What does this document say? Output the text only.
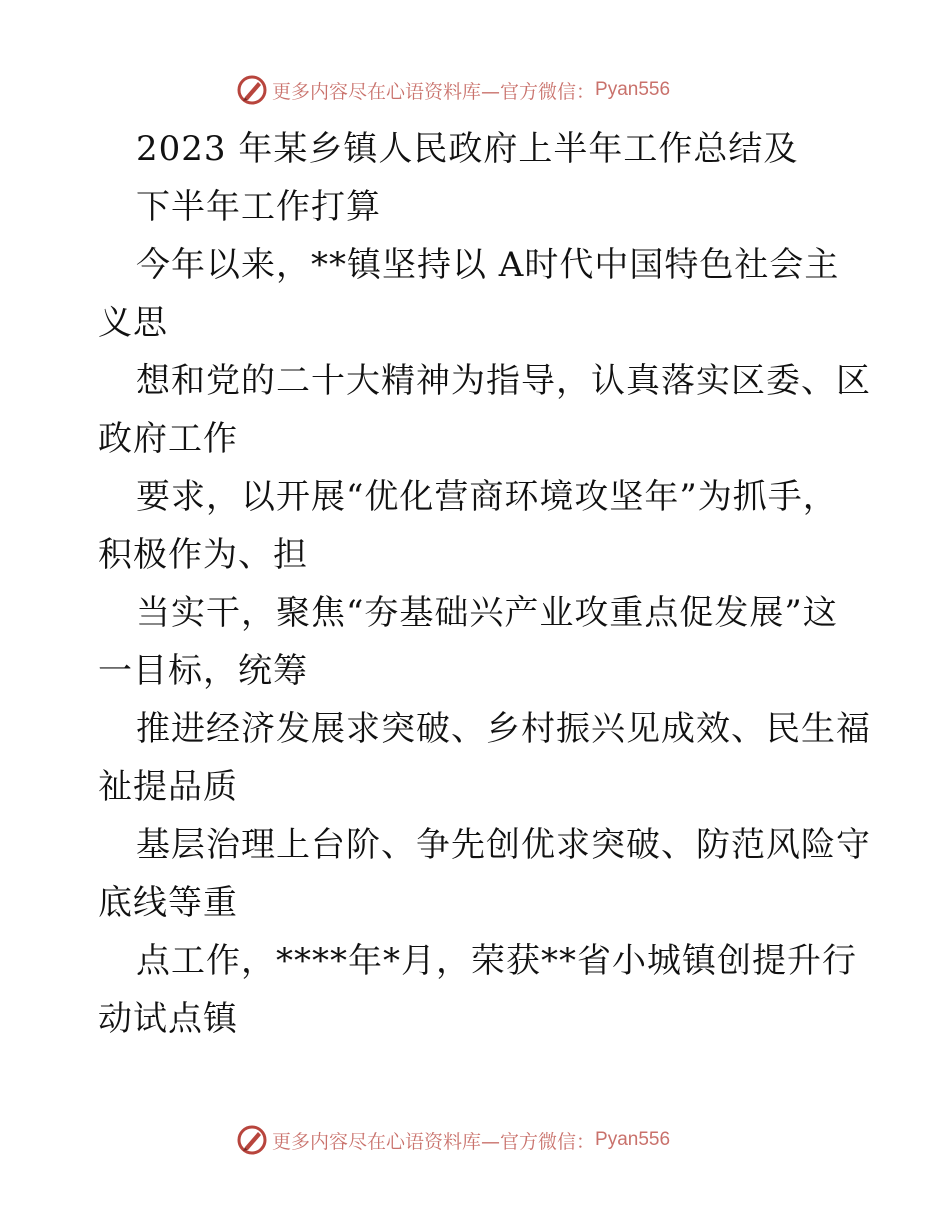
更多内容尽在心语资料库—官方微信： Pyan556
2023 年某乡镇人民政府上半年工作总结及
下半年工作打算
今年以来，**镇坚持以 A时代中国特色社会主
义思
想和党的二十大精神为指导，认真落实区委、区
政府工作
要求，以开展“优化营商环境攻坚年”为抓手，
积极作为、担
当实干，聚焦“夯基础兴产业攻重点促发展”这
一目标，统筹
推进经济发展求突破、乡村振兴见成效、民生福
祉提品质
基层治理上台阶、争先创优求突破、防范风险守
底线等重
点工作，****年*月，荣获**省小城镇创提升行
动试点镇
更多内容尽在心语资料库—官方微信： Pyan556
